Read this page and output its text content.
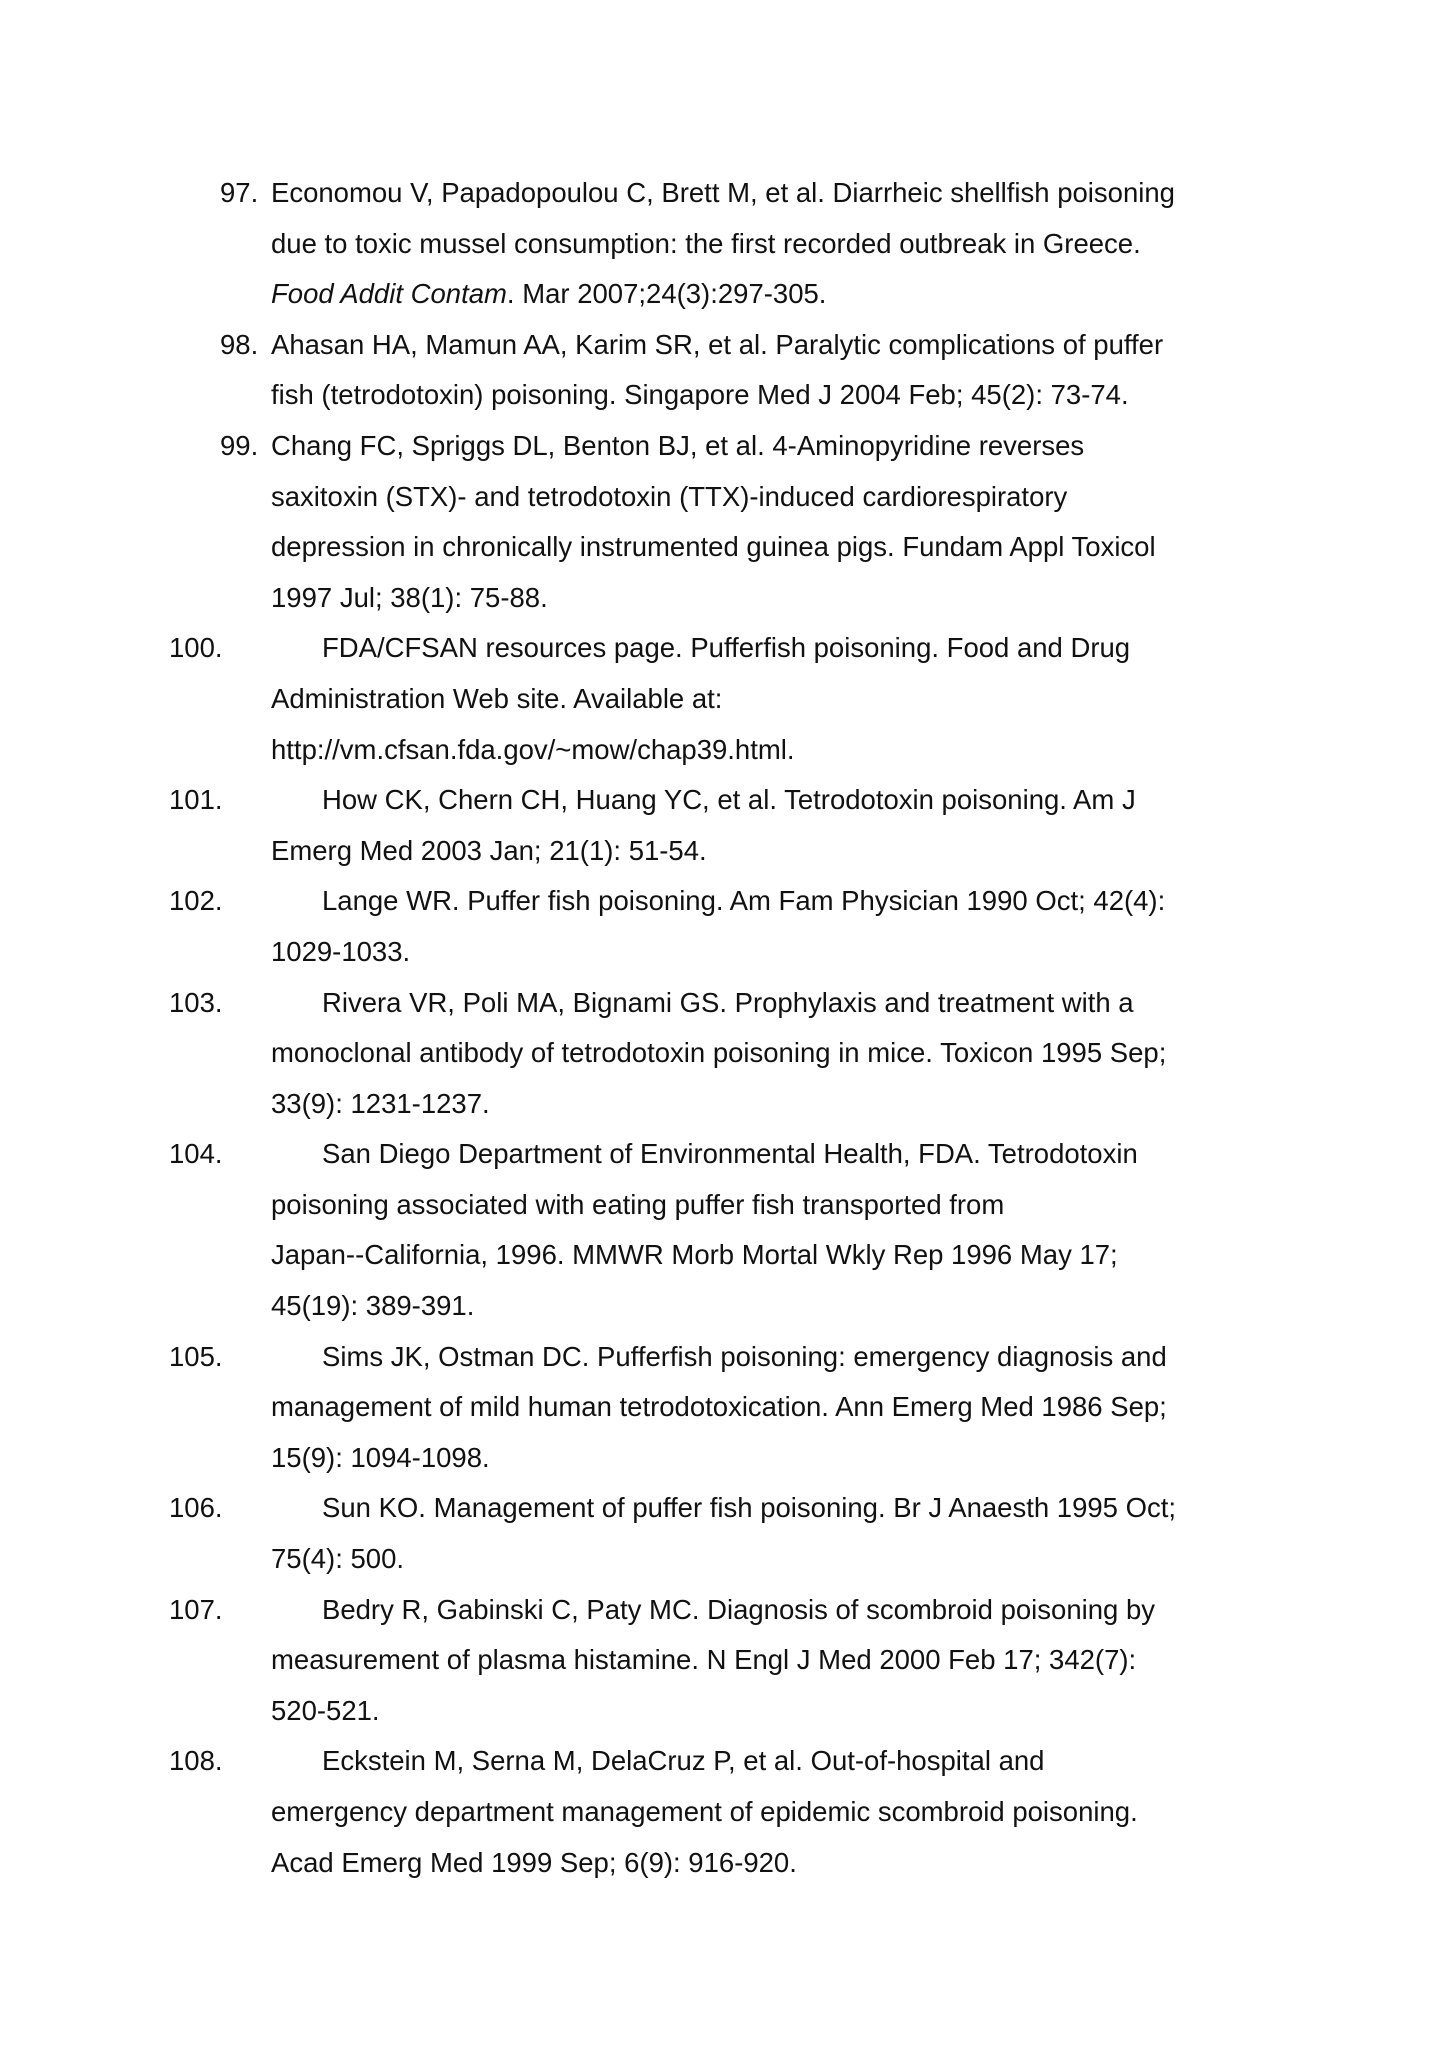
97. Economou V, Papadopoulou C, Brett M, et al. Diarrheic shellfish poisoning
due to toxic mussel consumption: the first recorded outbreak in Greece.
Food Addit Contam. Mar 2007;24(3):297-305.
98. Ahasan HA, Mamun AA, Karim SR, et al. Paralytic complications of puffer
fish (tetrodotoxin) poisoning. Singapore Med J 2004 Feb; 45(2): 73-74.
99. Chang FC, Spriggs DL, Benton BJ, et al. 4-Aminopyridine reverses
saxitoxin (STX)- and tetrodotoxin (TTX)-induced cardiorespiratory
depression in chronically instrumented guinea pigs. Fundam Appl Toxicol
1997 Jul; 38(1): 75-88.
100.	FDA/CFSAN resources page. Pufferfish poisoning. Food and Drug
Administration Web site. Available at:
http://vm.cfsan.fda.gov/~mow/chap39.html.
101.	How CK, Chern CH, Huang YC, et al. Tetrodotoxin poisoning. Am J
Emerg Med 2003 Jan; 21(1): 51-54.
102.	Lange WR. Puffer fish poisoning. Am Fam Physician 1990 Oct; 42(4):
1029-1033.
103.	Rivera VR, Poli MA, Bignami GS. Prophylaxis and treatment with a
monoclonal antibody of tetrodotoxin poisoning in mice. Toxicon 1995 Sep;
33(9): 1231-1237.
104.	San Diego Department of Environmental Health, FDA. Tetrodotoxin
poisoning associated with eating puffer fish transported from
Japan--California, 1996. MMWR Morb Mortal Wkly Rep 1996 May 17;
45(19): 389-391.
105.	Sims JK, Ostman DC. Pufferfish poisoning: emergency diagnosis and
management of mild human tetrodotoxication. Ann Emerg Med 1986 Sep;
15(9): 1094-1098.
106.	Sun KO. Management of puffer fish poisoning. Br J Anaesth 1995 Oct;
75(4): 500.
107.	Bedry R, Gabinski C, Paty MC. Diagnosis of scombroid poisoning by
measurement of plasma histamine. N Engl J Med 2000 Feb 17; 342(7):
520-521.
108.	Eckstein M, Serna M, DelaCruz P, et al. Out-of-hospital and
emergency department management of epidemic scombroid poisoning.
Acad Emerg Med 1999 Sep; 6(9): 916-920.
